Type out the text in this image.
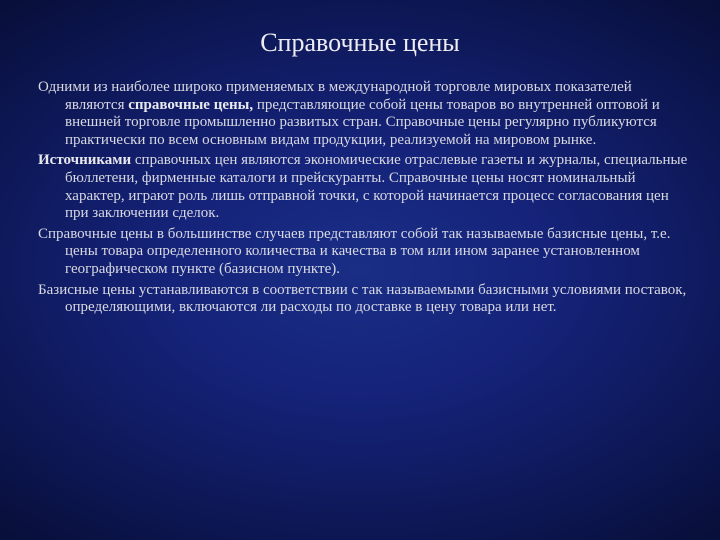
Справочные цены

Одними из наиболее широко применяемых в международной торговле мировых показателей являются справочные цены, представляющие собой цены товаров во внутренней оптовой и внешней торговле промышленно развитых стран. Справочные цены регулярно публикуются практически по всем основным видам продукции, реализуемой на мировом рынке.

Источниками справочных цен являются экономические отраслевые газеты и журналы, специальные бюллетени, фирменные каталоги и прейскуранты. Справочные цены носят номинальный характер, играют роль лишь отправной точки, с которой начинается процесс согласования цен при заключении сделок.

Справочные цены в большинстве случаев представляют собой так называемые базисные цены, т.е. цены товара определенного количества и качества в том или ином заранее установленном географическом пункте (базисном пункте).

Базисные цены устанавливаются в соответствии с так называемыми базисными условиями поставок, определяющими, включаются ли расходы по доставке в цену товара или нет.
